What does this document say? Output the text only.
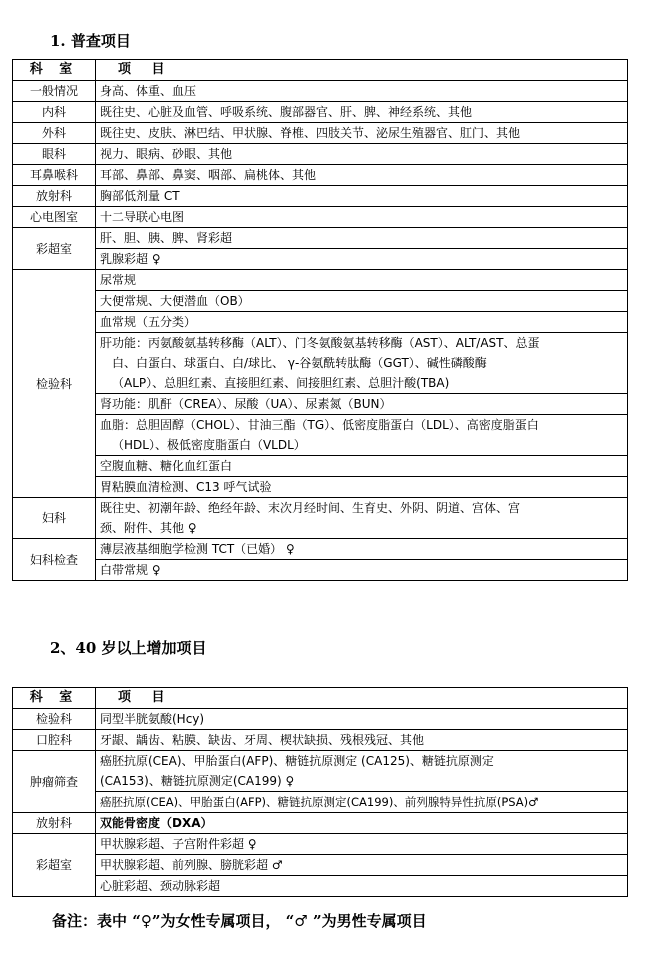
1. 普查项目
科 室	项 目
一般情况	身高、体重、血压
内科	既往史、心脏及血管、呼吸系统、腹部器官、肝、脾、神经系统、其他
外科	既往史、皮肤、淋巴结、甲状腺、脊椎、四肢关节、泌尿生殖器官、肛门、其他
眼科	视力、眼病、砂眼、其他
耳鼻喉科	耳部、鼻部、鼻窦、咽部、扁桃体、其他
放射科	胸部低剂量 CT
心电图室	十二导联心电图
彩超室	肝、胆、胰、脾、肾彩超
	乳腺彩超 ♀
检验科	尿常规
	大便常规、大便潜血（OB）
	血常规（五分类）

	肝功能：丙氨酸氨基转移酶（ALT）、门冬氨酸氨基转移酶（AST）、ALT/AST、总蛋
白、白蛋白、球蛋白、白/球比、 γ-谷氨酰转肽酶（GGT）、碱性磷酸酶
（ALP）、总胆红素、直接胆红素、间接胆红素、总胆汁酸(TBA)

	肾功能：肌酐（CREA）、尿酸（UA）、尿素氮（BUN）

	血脂：总胆固醇（CHOL）、甘油三酯（TG）、低密度脂蛋白（LDL）、高密度脂蛋白
（HDL）、极低密度脂蛋白（VLDL）

	空腹血糖、糖化血红蛋白
	胃粘膜血清检测、C13 呼气试验
妇科	既往史、初潮年龄、绝经年龄、末次月经时间、生育史、外阴、阴道、宫体、宫
颈、附件、其他 ♀

妇科检查	薄层液基细胞学检测 TCT（已婚） ♀
	白带常规 ♀
2、40 岁以上增加项目
科 室	项 目
检验科	同型半胱氨酸(Hcy)
口腔科	牙龈、龋齿、粘膜、缺齿、牙周、楔状缺损、残根残冠、其他
肿瘤筛查	癌胚抗原(CEA)、甲胎蛋白(AFP)、糖链抗原测定 (CA125)、糖链抗原测定
(CA153)、糖链抗原测定(CA199) ♀

	癌胚抗原(CEA)、甲胎蛋白(AFP)、糖链抗原测定(CA199)、前列腺特异性抗原(PSA)♂
放射科	双能骨密度（DXA）
彩超室	甲状腺彩超、子宫附件彩超 ♀
	甲状腺彩超、前列腺、膀胱彩超 ♂
	心脏彩超、颈动脉彩超
备注：表中 “♀”为女性专属项目， “♂ ”为男性专属项目
